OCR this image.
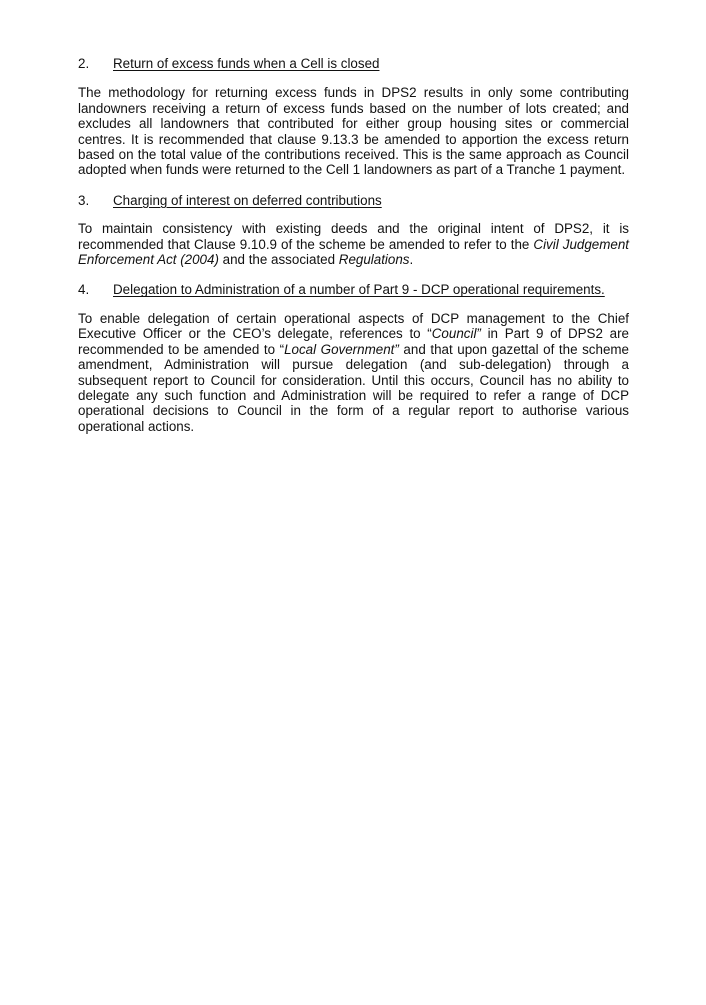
2.	Return of excess funds when a Cell is closed

The methodology for returning excess funds in DPS2 results in only some contributing landowners receiving a return of excess funds based on the number of lots created; and excludes all landowners that contributed for either group housing sites or commercial centres. It is recommended that clause 9.13.3 be amended to apportion the excess return based on the total value of the contributions received. This is the same approach as Council adopted when funds were returned to the Cell 1 landowners as part of a Tranche 1 payment.

3.	Charging of interest on deferred contributions

To maintain consistency with existing deeds and the original intent of DPS2, it is recommended that Clause 9.10.9 of the scheme be amended to refer to the Civil Judgement Enforcement Act (2004) and the associated Regulations.

4.	Delegation to Administration of a number of Part 9 - DCP operational requirements.

To enable delegation of certain operational aspects of DCP management to the Chief Executive Officer or the CEO’s delegate, references to “Council” in Part 9 of DPS2 are recommended to be amended to “Local Government” and that upon gazettal of the scheme amendment, Administration will pursue delegation (and sub-delegation) through a subsequent report to Council for consideration. Until this occurs, Council has no ability to delegate any such function and Administration will be required to refer a range of DCP operational decisions to Council in the form of a regular report to authorise various operational actions.
